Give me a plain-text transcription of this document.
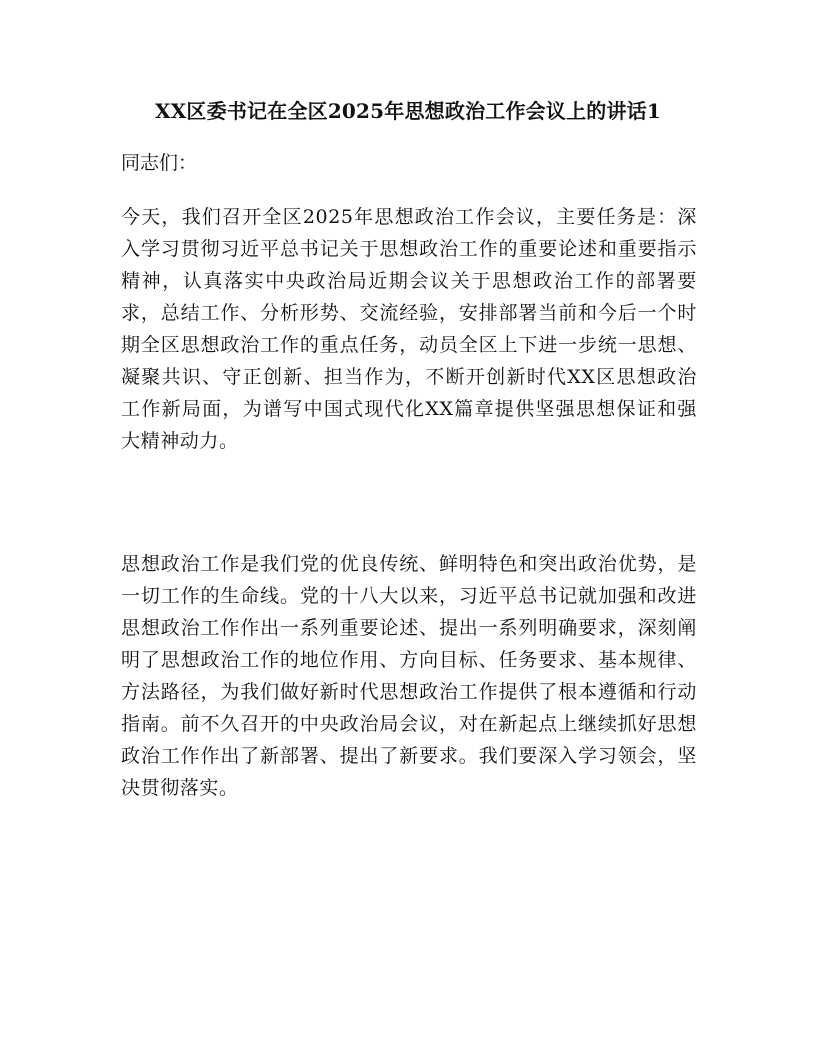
XX区委书记在全区2025年思想政治工作会议上的讲话1
同志们：

今天，我们召开全区2025年思想政治工作会议，主要任务是：深入学习贯彻习近平总书记关于思想政治工作的重要论述和重要指示精神，认真落实中央政治局近期会议关于思想政治工作的部署要求，总结工作、分析形势、交流经验，安排部署当前和今后一个时期全区思想政治工作的重点任务，动员全区上下进一步统一思想、凝聚共识、守正创新、担当作为，不断开创新时代XX区思想政治工作新局面，为谱写中国式现代化XX篇章提供坚强思想保证和强大精神动力。

思想政治工作是我们党的优良传统、鲜明特色和突出政治优势，是一切工作的生命线。党的十八大以来，习近平总书记就加强和改进思想政治工作作出一系列重要论述、提出一系列明确要求，深刻阐明了思想政治工作的地位作用、方向目标、任务要求、基本规律、方法路径，为我们做好新时代思想政治工作提供了根本遵循和行动指南。前不久召开的中央政治局会议，对在新起点上继续抓好思想政治工作作出了新部署、提出了新要求。我们要深入学习领会，坚决贯彻落实。
